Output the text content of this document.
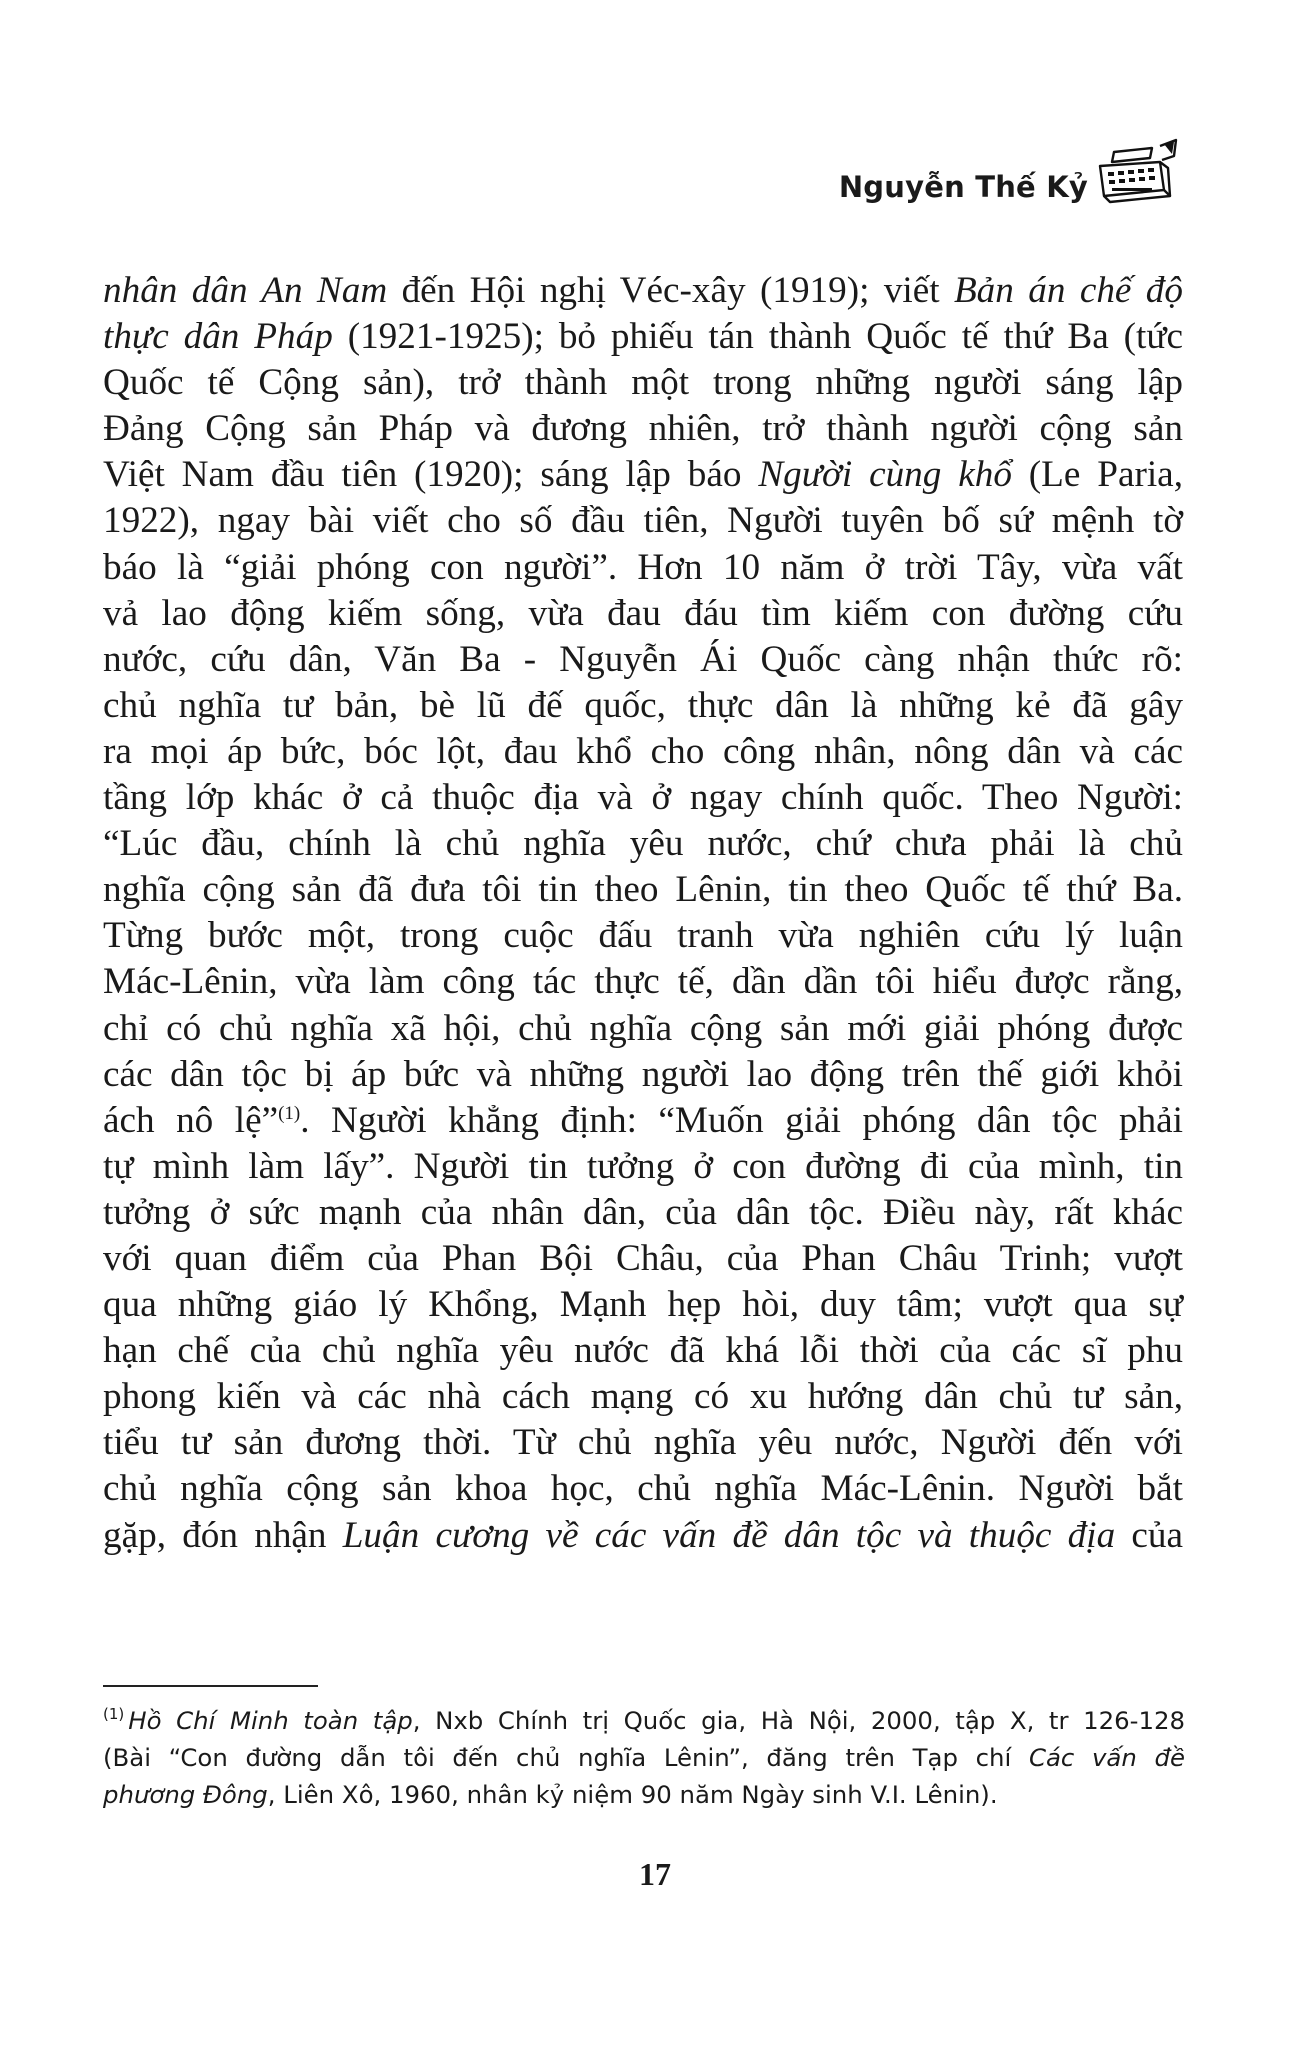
Nguyễn Thế Kỷ
nhân dân An Nam đến Hội nghị Véc-xây (1919); viết Bản án chế độ
thực dân Pháp (1921-1925); bỏ phiếu tán thành Quốc tế thứ Ba (tức
Quốc tế Cộng sản), trở thành một trong những người sáng lập
Đảng Cộng sản Pháp và đương nhiên, trở thành người cộng sản
Việt Nam đầu tiên (1920); sáng lập báo Người cùng khổ (Le Paria,
1922), ngay bài viết cho số đầu tiên, Người tuyên bố sứ mệnh tờ
báo là “giải phóng con người”. Hơn 10 năm ở trời Tây, vừa vất
vả lao động kiếm sống, vừa đau đáu tìm kiếm con đường cứu
nước, cứu dân, Văn Ba - Nguyễn Ái Quốc càng nhận thức rõ:
chủ nghĩa tư bản, bè lũ đế quốc, thực dân là những kẻ đã gây
ra mọi áp bức, bóc lột, đau khổ cho công nhân, nông dân và các
tầng lớp khác ở cả thuộc địa và ở ngay chính quốc. Theo Người:
“Lúc đầu, chính là chủ nghĩa yêu nước, chứ chưa phải là chủ
nghĩa cộng sản đã đưa tôi tin theo Lênin, tin theo Quốc tế thứ Ba.
Từng bước một, trong cuộc đấu tranh vừa nghiên cứu lý luận
Mác-Lênin, vừa làm công tác thực tế, dần dần tôi hiểu được rằng,
chỉ có chủ nghĩa xã hội, chủ nghĩa cộng sản mới giải phóng được
các dân tộc bị áp bức và những người lao động trên thế giới khỏi
ách nô lệ”$^{(1)}$. Người khẳng định: “Muốn giải phóng dân tộc phải
tự mình làm lấy”. Người tin tưởng ở con đường đi của mình, tin
tưởng ở sức mạnh của nhân dân, của dân tộc. Điều này, rất khác
với quan điểm của Phan Bội Châu, của Phan Châu Trinh; vượt
qua những giáo lý Khổng, Mạnh hẹp hòi, duy tâm; vượt qua sự
hạn chế của chủ nghĩa yêu nước đã khá lỗi thời của các sĩ phu
phong kiến và các nhà cách mạng có xu hướng dân chủ tư sản,
tiểu tư sản đương thời. Từ chủ nghĩa yêu nước, Người đến với
chủ nghĩa cộng sản khoa học, chủ nghĩa Mác-Lênin. Người bắt
gặp, đón nhận Luận cương về các vấn đề dân tộc và thuộc địa của
$^{(1)}$ Hồ Chí Minh toàn tập, Nxb Chính trị Quốc gia, Hà Nội, 2000, tập X, tr 126-128
(Bài “Con đường dẫn tôi đến chủ nghĩa Lênin”, đăng trên Tạp chí Các vấn đề
phương Đông, Liên Xô, 1960, nhân kỷ niệm 90 năm Ngày sinh V.I. Lênin).
17
